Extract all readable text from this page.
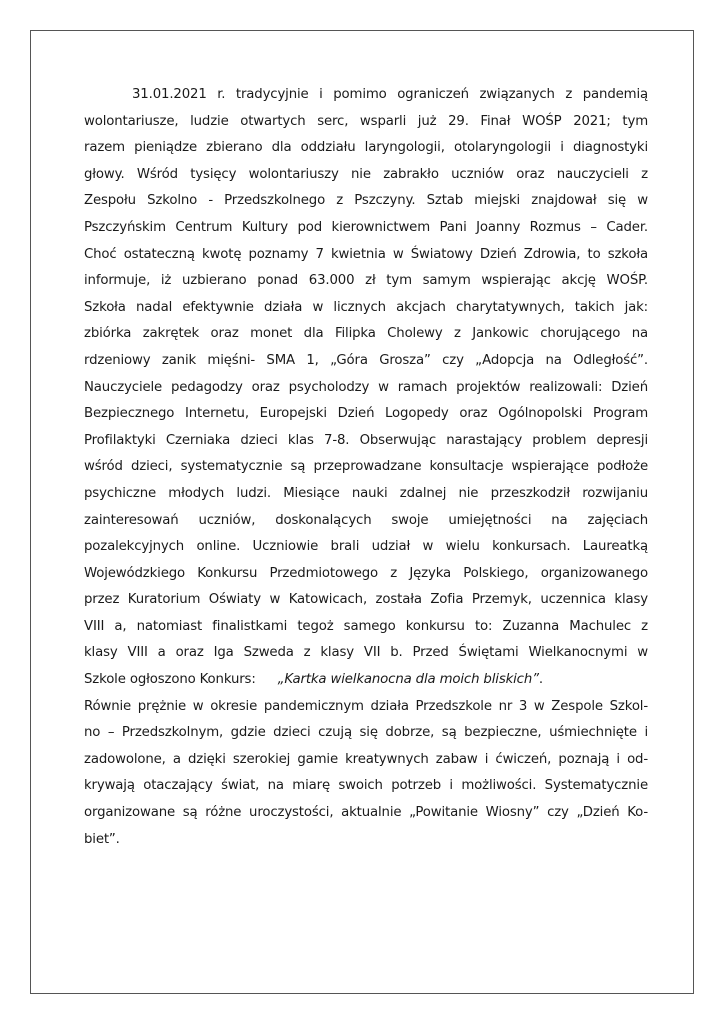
31.01.2021 r. tradycyjnie i pomimo ograniczeń związanych z pandemią
wolontariusze, ludzie otwartych serc, wsparli już 29. Finał WOŚP 2021; tym
razem pieniądze zbierano dla oddziału laryngologii, otolaryngologii i diagnostyki
głowy. Wśród tysięcy wolontariuszy nie zabrakło uczniów oraz nauczycieli z
Zespołu Szkolno - Przedszkolnego z Pszczyny. Sztab miejski znajdował się w
Pszczyńskim Centrum Kultury pod kierownictwem Pani Joanny Rozmus – Cader.
Choć ostateczną kwotę poznamy 7 kwietnia w Światowy Dzień Zdrowia, to szkoła
informuje, iż uzbierano ponad 63.000 zł tym samym wspierając akcję WOŚP.
Szkoła nadal efektywnie działa w licznych akcjach charytatywnych, takich jak:
zbiórka zakrętek oraz monet dla Filipka Cholewy z Jankowic chorującego na
rdzeniowy zanik mięśni- SMA 1, „Góra Grosza” czy „Adopcja na Odległość”.
Nauczyciele pedagodzy oraz psycholodzy w ramach projektów realizowali: Dzień
Bezpiecznego Internetu, Europejski Dzień Logopedy oraz Ogólnopolski Program
Profilaktyki Czerniaka dzieci klas 7-8. Obserwując narastający problem depresji
wśród dzieci, systematycznie są przeprowadzane konsultacje wspierające podłoże
psychiczne młodych ludzi. Miesiące nauki zdalnej nie przeszkodził rozwijaniu
zainteresowań uczniów, doskonalących swoje umiejętności na zajęciach
pozalekcyjnych online. Uczniowie brali udział w wielu konkursach. Laureatką
Wojewódzkiego Konkursu Przedmiotowego z Języka Polskiego, organizowanego
przez Kuratorium Oświaty w Katowicach, została Zofia Przemyk, uczennica klasy
VIII a, natomiast finalistkami tegoż samego konkursu to: Zuzanna Machulec z
klasy VIII a oraz Iga Szweda z klasy VII b. Przed Świętami Wielkanocnymi w
Szkole ogłoszono Konkurs: „Kartka wielkanocna dla moich bliskich”.

Równie prężnie w okresie pandemicznym działa Przedszkole nr 3 w Zespole Szkol-
no – Przedszkolnym, gdzie dzieci czują się dobrze, są bezpieczne, uśmiechnięte i
zadowolone, a dzięki szerokiej gamie kreatywnych zabaw i ćwiczeń, poznają i od-
krywają otaczający świat, na miarę swoich potrzeb i możliwości. Systematycznie
organizowane są różne uroczystości, aktualnie „Powitanie Wiosny” czy „Dzień Ko-
biet”.
